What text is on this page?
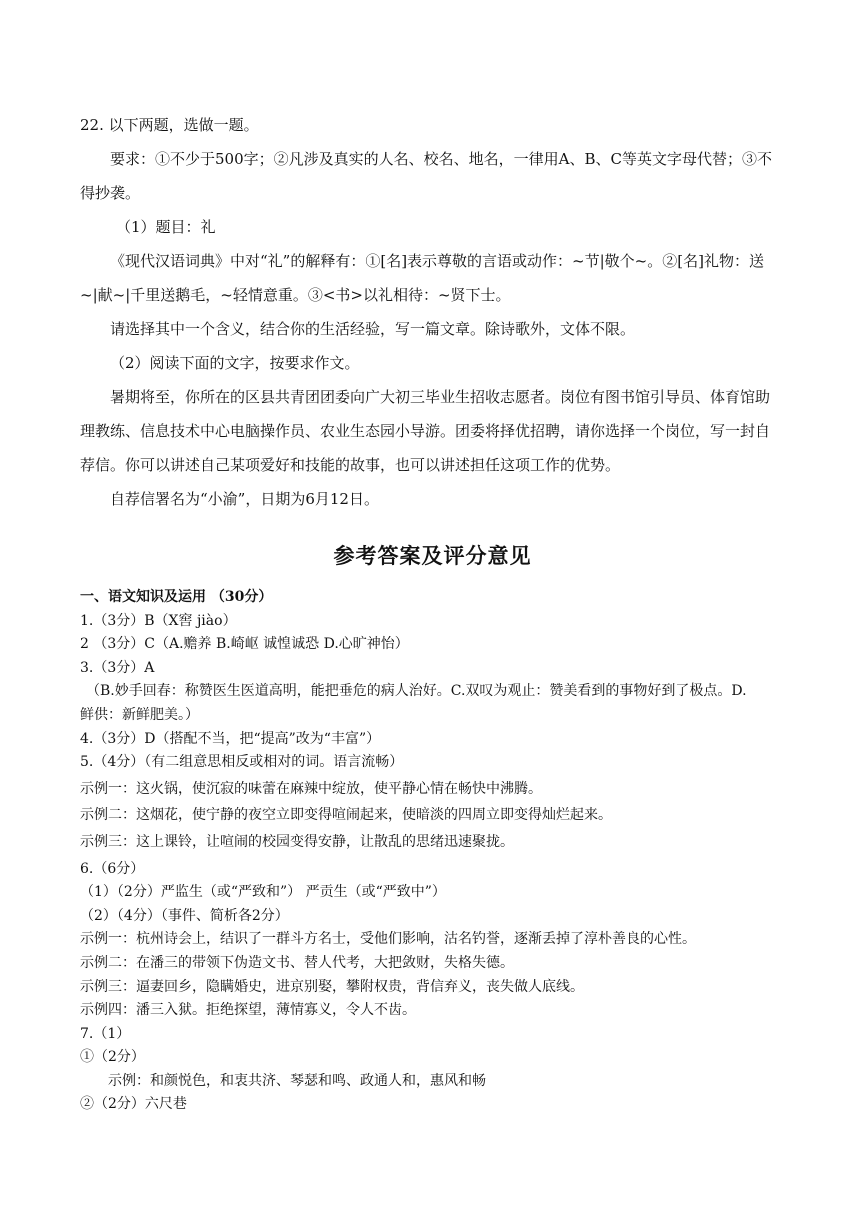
22. 以下两题，选做一题。

要求：①不少于500字；②凡涉及真实的人名、校名、地名，一律用A、B、C等英文字母代替；③不

得抄袭。

（1）题目：礼

《现代汉语词典》中对“礼”的解释有：①[名]表示尊敬的言语或动作：~节|敬个~。②[名]礼物：送

~|献~|千里送鹅毛，~轻情意重。③<书>以礼相待：~贤下士。

请选择其中一个含义，结合你的生活经验，写一篇文章。除诗歌外，文体不限。

（2）阅读下面的文字，按要求作文。

暑期将至，你所在的区县共青团团委向广大初三毕业生招收志愿者。岗位有图书馆引导员、体育馆助

理教练、信息技术中心电脑操作员、农业生态园小导游。团委将择优招聘，请你选择一个岗位，写一封自

荐信。你可以讲述自己某项爱好和技能的故事，也可以讲述担任这项工作的优势。

自荐信署名为“小渝”，日期为6月12日。

参考答案及评分意见

一、语文知识及运用 （30分）

1.（3分）B（X窖 jiào）

2 （3分）C（A.赡养 B.崎岖 诚惶诚恐 D.心旷神怡）

3.（3分）A

（B.妙手回春：称赞医生医道高明，能把垂危的病人治好。C.双叹为观止：赞美看到的事物好到了极点。D.

鲜供：新鲜肥美。）

4.（3分）D（搭配不当，把“提高”改为“丰富”）

5.（4分）（有二组意思相反或相对的词。语言流畅）

示例一：这火锅，使沉寂的味蕾在麻辣中绽放，使平静心情在畅快中沸腾。

示例二：这烟花，使宁静的夜空立即变得喧闹起来，使暗淡的四周立即变得灿烂起来。

示例三：这上课铃，让喧闹的校园变得安静，让散乱的思绪迅速聚拢。

6.（6分）

（1）（2分）严监生（或“严致和”） 严贡生（或“严致中”）

（2）（4分）（事件、简析各2分）

示例一：杭州诗会上，结识了一群斗方名士，受他们影响，沽名钓誉，逐渐丢掉了淳朴善良的心性。

示例二：在潘三的带领下伪造文书、替人代考，大把敛财，失格失德。

示例三：逼妻回乡，隐瞒婚史，进京别娶，攀附权贵，背信弃义，丧失做人底线。

示例四：潘三入狱。拒绝探望，薄情寡义，令人不齿。

7.（1）

①（2分）

示例：和颜悦色，和衷共济、琴瑟和鸣、政通人和，惠风和畅

②（2分）六尺巷
